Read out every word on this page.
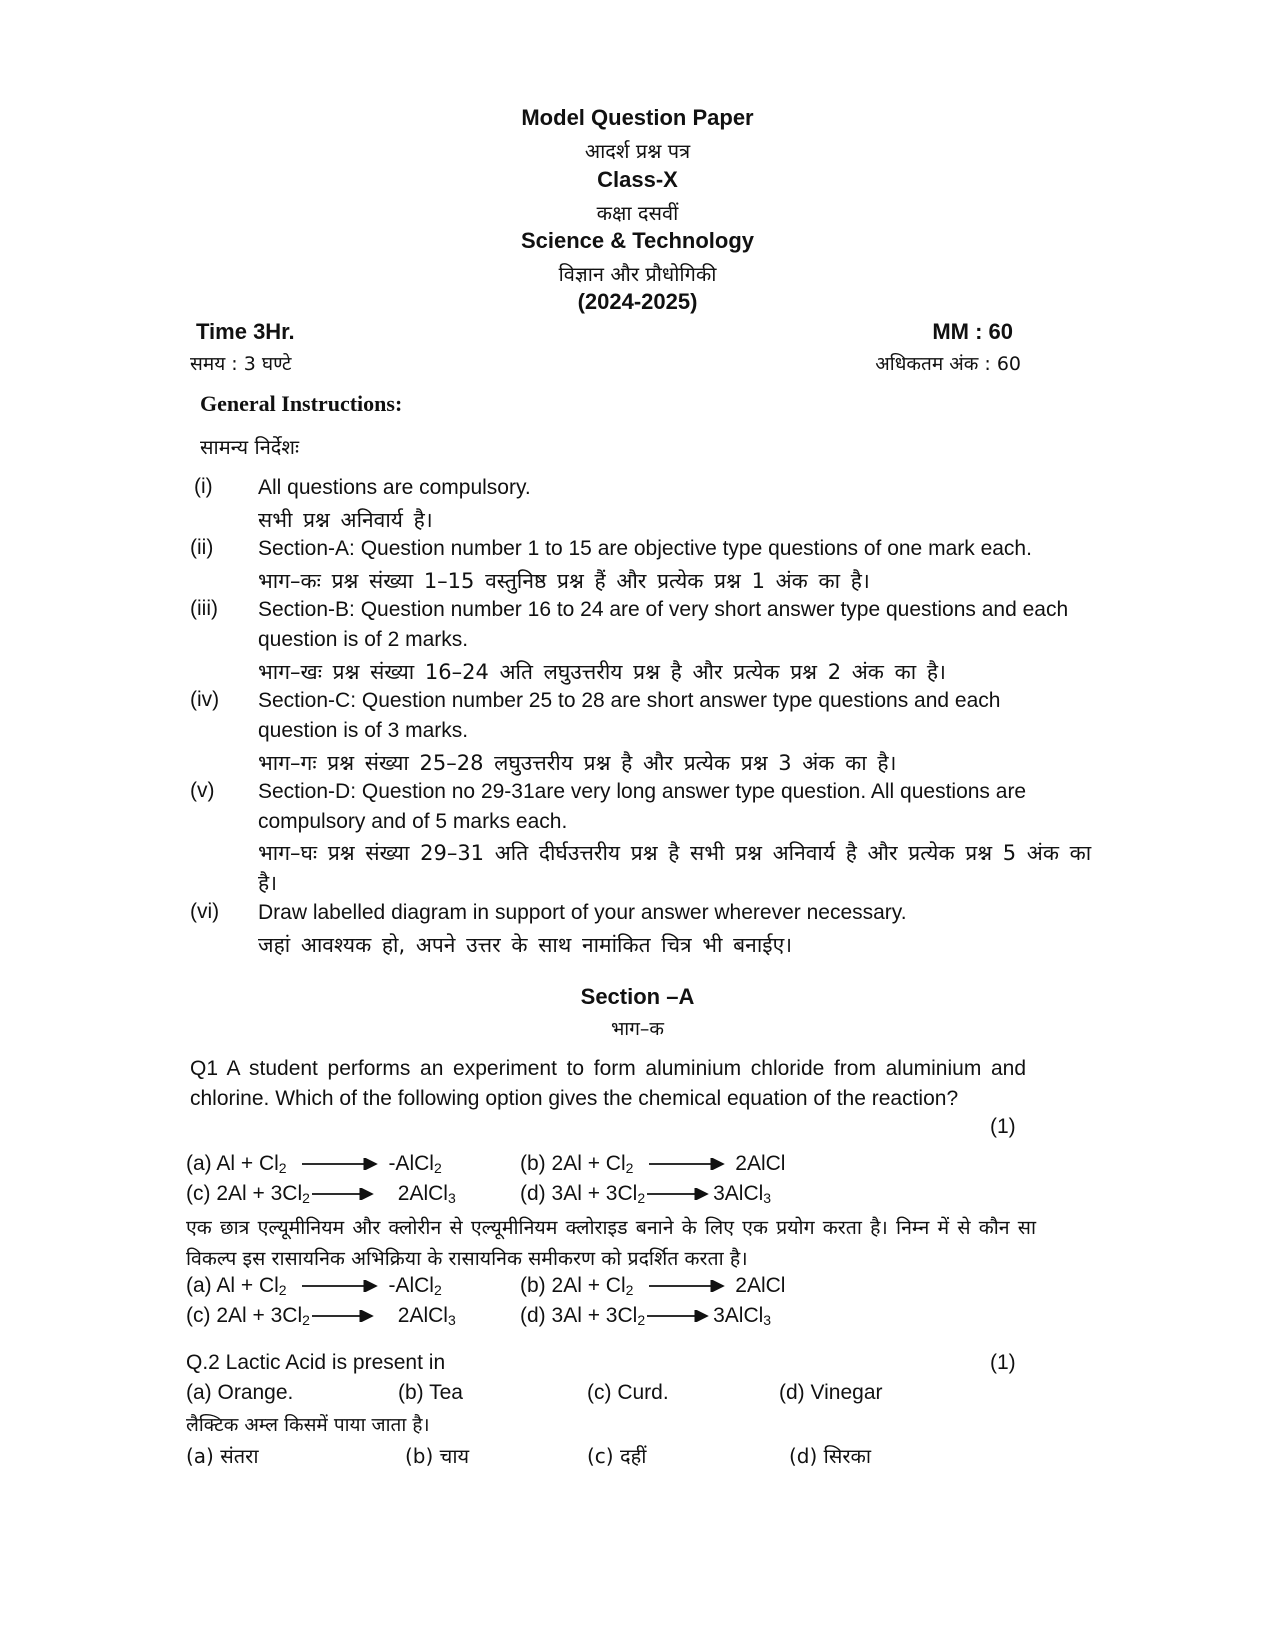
Model Question Paper
आदर्श प्रश्न पत्र
Class-X
कक्षा दसवीं
Science & Technology
विज्ञान और प्रौधोगिकी
(2024-2025)
Time 3Hr.
समय : 3 घण्टे
MM : 60
अधिकतम अंक : 60
General Instructions:
सामन्य निर्देशः
(i) All questions are compulsory.
सभी प्रश्न अनिवार्य है।
(ii) Section-A: Question number 1 to 15 are objective type questions of one mark each.
भाग–कः प्रश्न संख्या 1–15 वस्तुनिष्ठ प्रश्न हैं और प्रत्येक प्रश्न 1 अंक का है।
(iii) Section-B: Question number 16 to 24 are of very short answer type questions and each question is of 2 marks.
भाग–खः प्रश्न संख्या 16–24 अति लघुउत्तरीय प्रश्न है और प्रत्येक प्रश्न 2 अंक का है।
(iv) Section-C: Question number 25 to 28 are short answer type questions and each question is of 3 marks.
भाग–गः प्रश्न संख्या 25–28 लघुउत्तरीय प्रश्न है और प्रत्येक प्रश्न 3 अंक का है।
(v) Section-D: Question no 29-31are very long answer type question. All questions are compulsory and of 5 marks each.
भाग–घः प्रश्न संख्या 29–31 अति दीर्घउत्तरीय प्रश्न है सभी प्रश्न अनिवार्य है और प्रत्येक प्रश्न 5 अंक का है।
(vi) Draw labelled diagram in support of your answer wherever necessary.
जहां आवश्यक हो, अपने उत्तर के साथ नामांकित चित्र भी बनाईए।
Section –A
भाग–क
Q1 A student performs an experiment to form aluminium chloride from aluminium and chlorine. Which of the following option gives the chemical equation of the reaction?
(1)
(a) $Al + Cl_2$ → -AlCl$_2$	(b) $2Al + Cl_2$ → 2AlCl
(c) $2Al + 3Cl_2$ → 2AlCl$_3$	(d) $3Al + 3Cl_2$ → 3AlCl$_3$
एक छात्र एल्यूमीनियम और क्लोरीन से एल्यूमीनियम क्लोराइड बनाने के लिए एक प्रयोग करता है। निम्न में से कौन सा विकल्प इस रासायनिक अभिक्रिया के रासायनिक समीकरण को प्रदर्शित करता है।
(a) $Al + Cl_2$ → -AlCl$_2$	(b) $2Al + Cl_2$ → 2AlCl
(c) $2Al + 3Cl_2$ → 2AlCl$_3$	(d) $3Al + 3Cl_2$ → 3AlCl$_3$
Q.2 Lactic Acid is present in	(1)
(a) Orange.	(b) Tea	(c) Curd.	(d) Vinegar
लैक्टिक अम्ल किसमें पाया जाता है।
(a) संतरा	(b) चाय	(c) दहीं	(d) सिरका
